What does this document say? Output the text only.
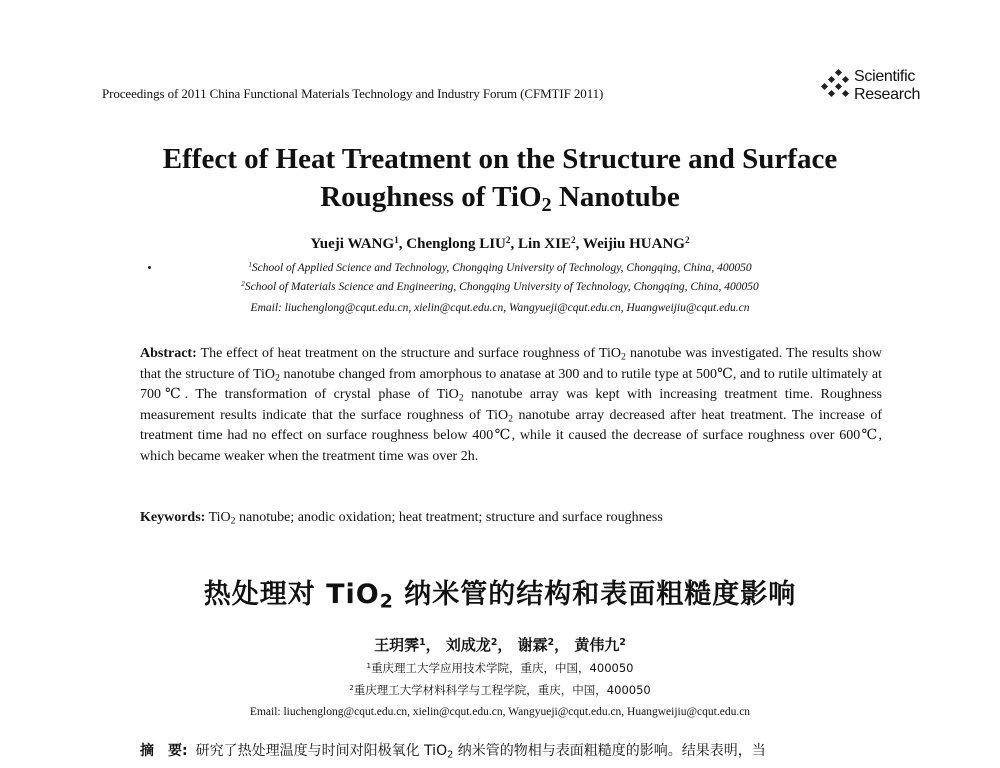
Proceedings of 2011 China Functional Materials Technology and Industry Forum (CFMTIF 2011)
Scientific
Research
Effect of Heat Treatment on the Structure and Surface
Roughness of TiO$_2$ Nanotube
Yueji WANG$^1$, Chenglong LIU$^2$, Lin XIE$^2$, Weijiu HUANG$^2$
$^1$School of Applied Science and Technology, Chongqing University of Technology, Chongqing, China, 400050
$^2$School of Materials Science and Engineering, Chongqing University of Technology, Chongqing, China, 400050
Email: liuchenglong@cqut.edu.cn, xielin@cqut.edu.cn, Wangyueji@cqut.edu.cn, Huangweijiu@cqut.edu.cn
Abstract: The effect of heat treatment on the structure and surface roughness of TiO$_2$ nanotube was investigated. The results show that the structure of TiO$_2$ nanotube changed from amorphous to anatase at 300 and to rutile type at 500℃, and to rutile ultimately at 700℃. The transformation of crystal phase of TiO$_2$ nanotube array was kept with increasing treatment time. Roughness measurement results indicate that the surface roughness of TiO$_2$ nanotube array decreased after heat treatment. The increase of treatment time had no effect on surface roughness below 400℃, while it caused the decrease of surface roughness over 600℃, which became weaker when the treatment time was over 2h.
Keywords: TiO$_2$ nanotube; anodic oxidation; heat treatment; structure and surface roughness
热处理对 TiO$_2$ 纳米管的结构和表面粗糙度影响
王玥霁$^1$， 刘成龙$^2$， 谢霖$^2$， 黄伟九$^2$
$^1$重庆理工大学应用技术学院，重庆，中国，400050
$^2$重庆理工大学材料科学与工程学院，重庆，中国，400050
Email: liuchenglong@cqut.edu.cn, xielin@cqut.edu.cn, Wangyueji@cqut.edu.cn, Huangweijiu@cqut.edu.cn
摘　要: 研究了热处理温度与时间对阳极氧化 TiO$_2$ 纳米管的物相与表面粗糙度的影响。结果表明，当
